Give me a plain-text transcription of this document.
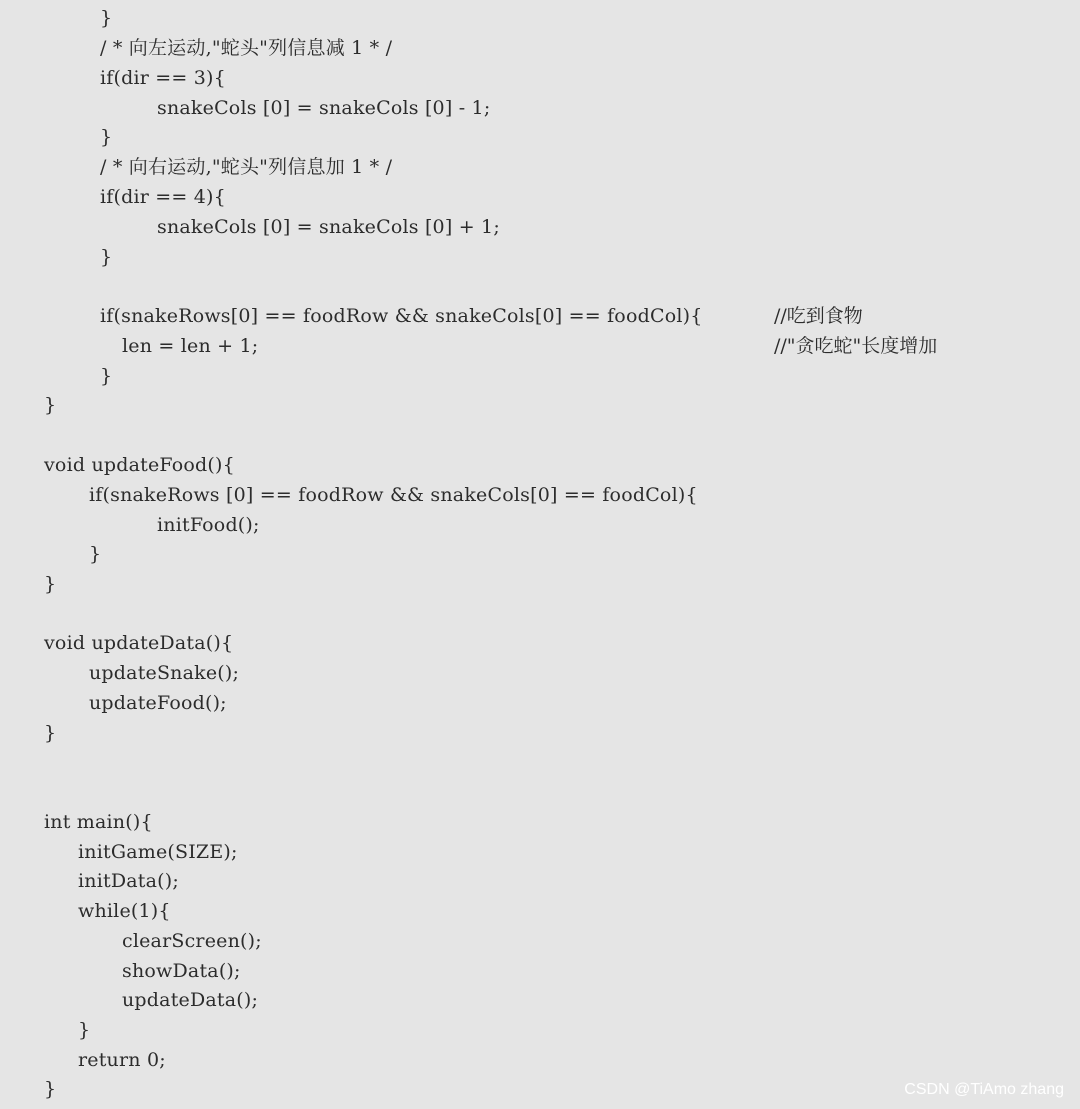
}
/ * 向左运动,"蛇头"列信息减 1 * /
if(dir == 3){
snakeCols [0] = snakeCols [0] - 1;
}
/ * 向右运动,"蛇头"列信息加 1 * /
if(dir == 4){
snakeCols [0] = snakeCols [0] + 1;
}
if(snakeRows[0] == foodRow && snakeCols[0] == foodCol){	//吃到食物
len = len + 1;	//"贪吃蛇"长度增加
}
}
void updateFood(){
if(snakeRows [0] == foodRow && snakeCols[0] == foodCol){
initFood();
}
}
void updateData(){
updateSnake();
updateFood();
}
int main(){
initGame(SIZE);
initData();
while(1){
clearScreen();
showData();
updateData();
}
return 0;
}	CSDN @TiAmo zhang
